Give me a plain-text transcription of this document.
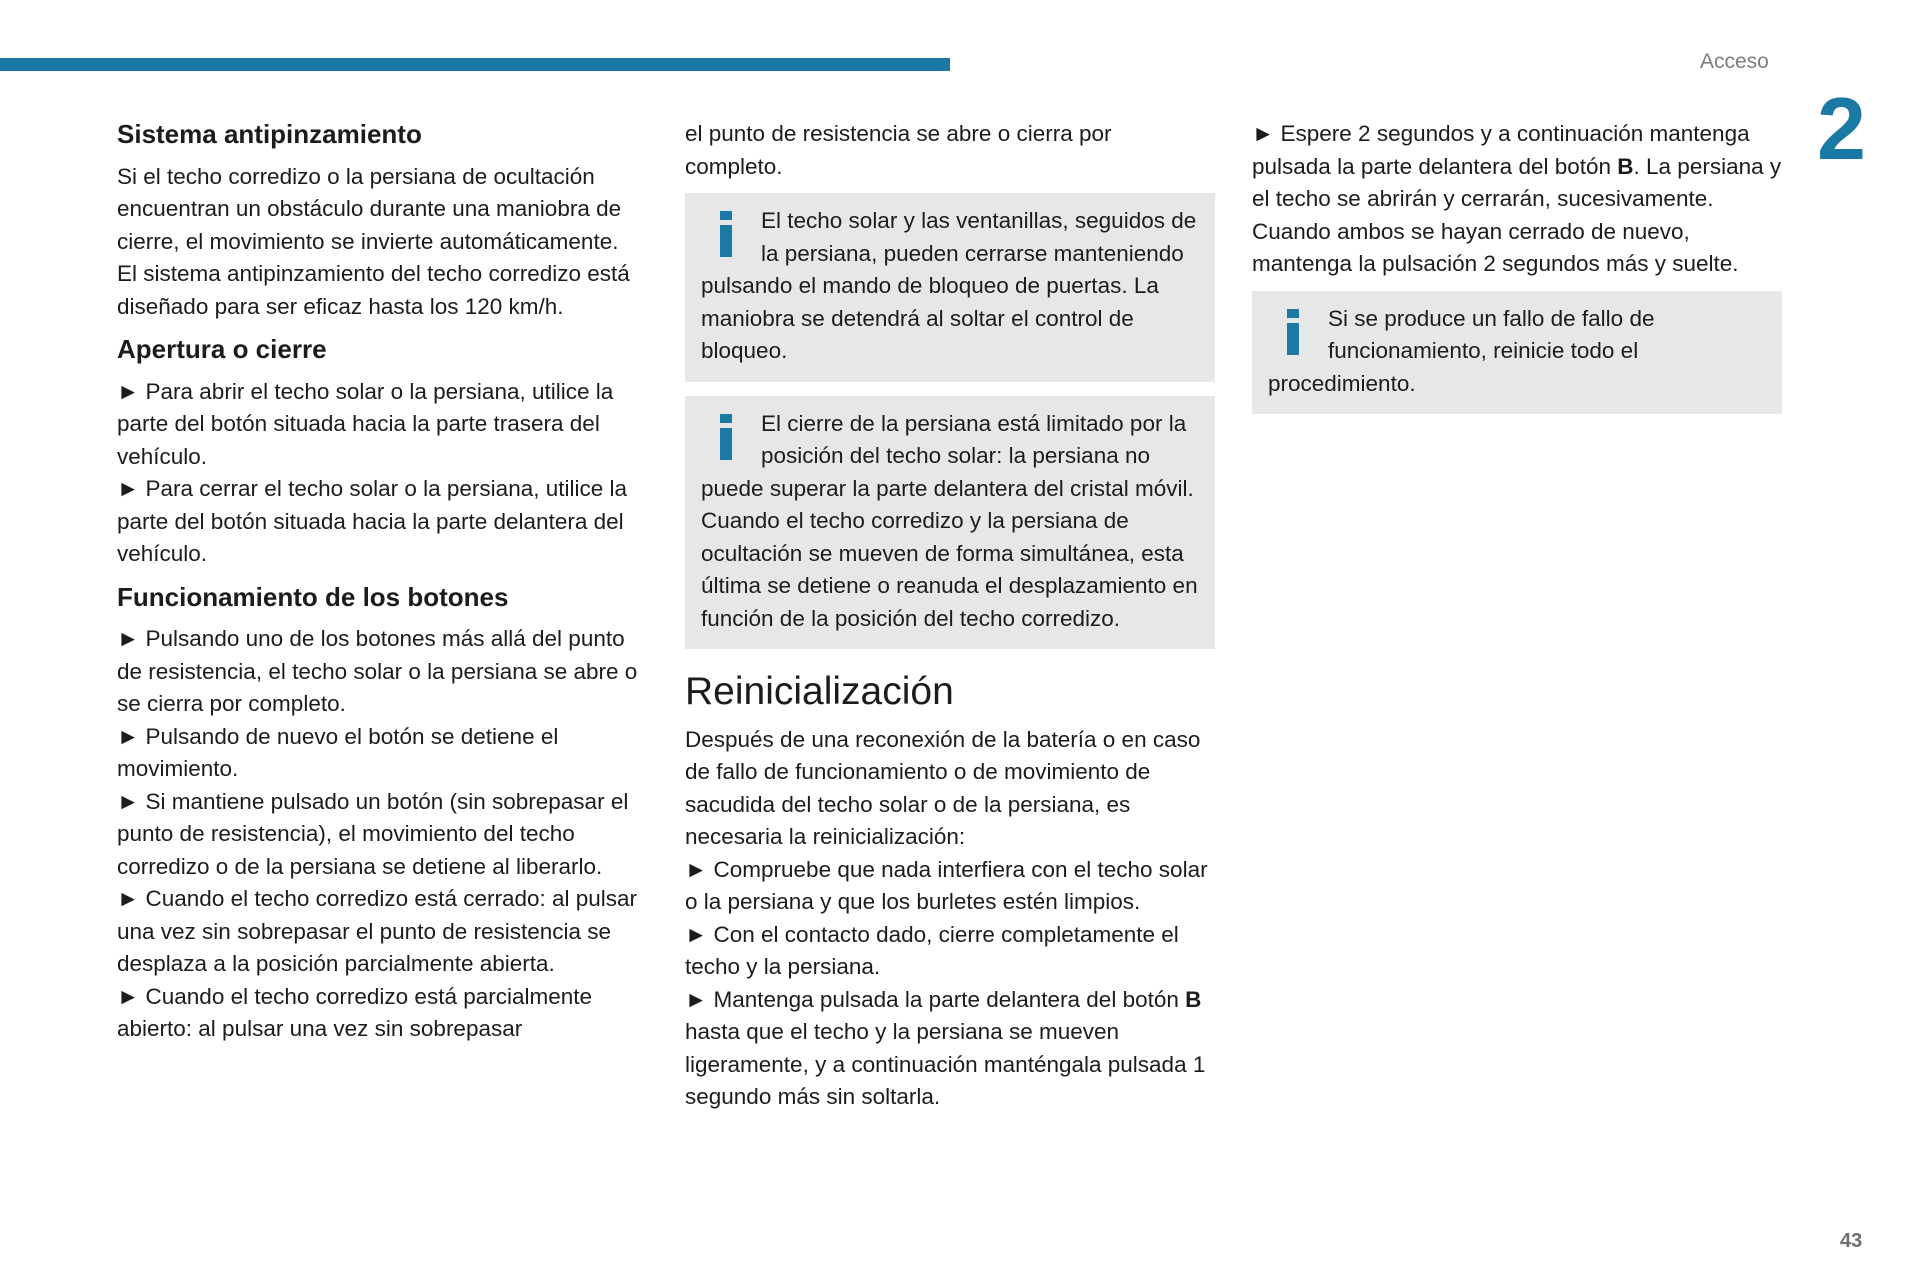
Acceso
2
Sistema antipinzamiento

Si el techo corredizo o la persiana de ocultación encuentran un obstáculo durante una maniobra de cierre, el movimiento se invierte automáticamente.

El sistema antipinzamiento del techo corredizo está diseñado para ser eficaz hasta los 120 km/h.

Apertura o cierre

► Para abrir el techo solar o la persiana, utilice la parte del botón situada hacia la parte trasera del vehículo.

► Para cerrar el techo solar o la persiana, utilice la parte del botón situada hacia la parte delantera del vehículo.

Funcionamiento de los botones

► Pulsando uno de los botones más allá del punto de resistencia, el techo solar o la persiana se abre o se cierra por completo.

► Pulsando de nuevo el botón se detiene el movimiento.

► Si mantiene pulsado un botón (sin sobrepasar el punto de resistencia), el movimiento del techo corredizo o de la persiana se detiene al liberarlo.

► Cuando el techo corredizo está cerrado: al pulsar una vez sin sobrepasar el punto de resistencia se desplaza a la posición parcialmente abierta.

► Cuando el techo corredizo está parcialmente abierto: al pulsar una vez sin sobrepasar

el punto de resistencia se abre o cierra por completo.

El techo solar y las ventanillas, seguidos de la persiana, pueden cerrarse manteniendo pulsando el mando de bloqueo de puertas. La maniobra se detendrá al soltar el control de bloqueo.

El cierre de la persiana está limitado por la posición del techo solar: la persiana no puede superar la parte delantera del cristal móvil. Cuando el techo corredizo y la persiana de ocultación se mueven de forma simultánea, esta última se detiene o reanuda el desplazamiento en función de la posición del techo corredizo.

Reinicialización

Después de una reconexión de la batería o en caso de fallo de funcionamiento o de movimiento de sacudida del techo solar o de la persiana, es necesaria la reinicialización:

► Compruebe que nada interfiera con el techo solar o la persiana y que los burletes estén limpios.

► Con el contacto dado, cierre completamente el techo y la persiana.

► Mantenga pulsada la parte delantera del botón B hasta que el techo y la persiana se mueven ligeramente, y a continuación manténgala pulsada 1 segundo más sin soltarla.

► Espere 2 segundos y a continuación mantenga pulsada la parte delantera del botón B. La persiana y el techo se abrirán y cerrarán, sucesivamente. Cuando ambos se hayan cerrado de nuevo, mantenga la pulsación 2 segundos más y suelte.

Si se produce un fallo de fallo de funcionamiento, reinicie todo el procedimiento.

43
